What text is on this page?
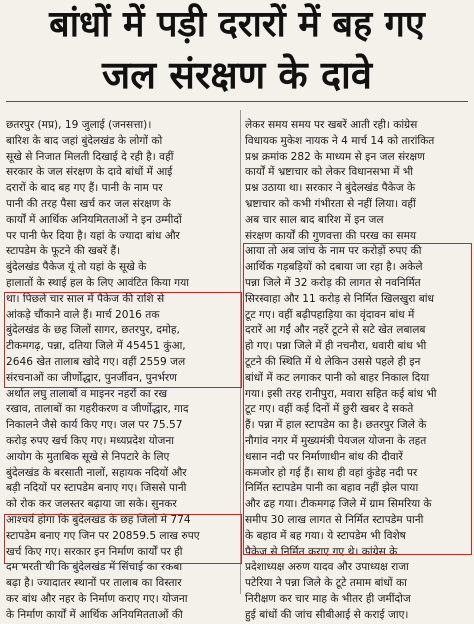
बांधों में पड़ी दरारों में बह गए
जल संरक्षण के दावे

छतरपुर (मप्र), 19 जुलाई (जनसत्ता)।

बारिश के बाद जहां बुंदेलखंड के लोगों को

सूखे से निजात मिलती दिखाई दे रही है। वहीं

सरकार के जल संरक्षण के दावे बांधों में आई

दरारों के बाद बह गए हैं। पानी के नाम पर

पानी की तरह पैसा खर्च कर जल संरक्षण के

कार्यों में आर्थिक अनियमितताओं ने इन उम्मीदों

पर पानी फेर दिया है। यहां के ज्यादा बांध और

स्टापडेम के फूटने की खबरें हैं।

बुंदेलखंड पैकेज यूं तो यहां के सूखे के

हालातों के स्थाई हल के लिए आवंटित किया गया

था। पिछले चार साल में पैकेज की राशि से

आंकड़े चौंकाने वाले हैं। मार्च 2016 तक

बुंदेलखंड के छह जिलों सागर, छतरपुर, दमोह,

टीकमगढ़, पन्ना, दतिया जिले में 45451 कुंआ,

2646 खेत तालाब खोदे गए। वहीं 2559 जल

संरचनाओं का जीर्णोद्धार, पुनर्जीवन, पुनर्भरण

अर्थात लघु तालाबों व माइनर नहरों का रख

रखाव, तालाबों का गहरीकरण व जीर्णोद्धार, गाद

निकालने जैसे कार्य किए गए। जल पर 75.57

करोड़ रुपए खर्च किए गए। मध्यप्रदेश योजना

आयोग के मुताबिक सूखे से निपटारे के लिए

बुंदेलखंड के बरसाती नालों, सहायक नदियों और

बड़ी नदियों पर स्टापडेम बनाए गए। जिससे पानी

को रोक कर जलस्तर बढ़ाया जा सके। सुनकर

आश्चर्य होगा कि बुंदेलखंड के छह जिलों में 774

स्टापडेम बनाए गए जिन पर 20859.5 लाख रुपए

खर्च किए गए। सरकार इन निर्माण कार्यों पर ही

दम भरती थी कि बुंदेलखंड में सिंचाई का रकबा

बढ़ा है। ज्यादातर स्थानों पर तालाब का विस्तार

कर बांध और नहर के निर्माण कराए गए। योजना

के निर्माण कार्यों में आर्थिक अनियमितताओं की

लेकर समय समय पर खबरें आती रही। कांग्रेस

विधायक मुकेश नायक ने 4 मार्च 14 को तारांकित

प्रश्न क्रमांक 282 के माध्यम से इन जल संरक्षण

कार्यों में भ्रष्टाचार को लेकर विधानसभा में भी

प्रश्न उठाया था। सरकार ने बुंदेलखंड पैकेज के

भ्रष्टाचार को कभी गंभीरता से नहीं लिया। वहीं

अब चार साल बाद बारिश में इन जल

संरक्षण कार्यों की गुणवत्ता की परख का समय

आया तो अब जांच के नाम पर करोड़ों रुपए की

आर्थिक गड़बड़ियों को दबाया जा रहा है। अकेले

पन्ना जिले में 32 करोड़ की लागत से नवनिर्मित

सिरस्वाहा और 11 करोड़ से निर्मित खिलखुरा बांध

टूट गए। वहीं बढ़ीपहाड़िया का वृंदावन बांध में

दरारें आ गईं और नहरें टूटने से सटे खेत लबालब

हो गए। पन्ना जिले में ही नचनौरा, धवारी बांध भी

टूटने की स्थिति में थे लेकिन उससे पहले ही इन

बांधों में कट लगाकर पानी को बाहर निकाल दिया

गया। इसी तरह रानीपुरा, मवारा सहित कई बांध भी

टूट गए। वहीं कई दिनों में छुरी खबर दे सकते

हैं। पन्ना में हाल स्टापडेम का है। छतरपुर जिले के

नौगांव नगर में मुख्यमंत्री पेयजल योजना के तहत

धसान नदी पर निर्माणाधीन बांध की दीवारें

कमजोर हो गई हैं। साथ ही वहां कुंडेह नदी पर

निर्मित स्टापडेम पानी का बहाव नहीं झेल पाया

और ढह गया। टीकमगढ़ जिले में ग्राम सिमरिया के

समीप 30 लाख लागत से निर्मित स्टापडेम पानी

के बहाव में बह गया। ये स्टापडेम भी विशेष

पैकेज से निर्मित कराए गए थे। कांग्रेस के

प्रदेशाध्यक्ष अरुण यादव और उपाध्यक्ष राजा

पटेरिया ने पन्ना जिले के टूटे तमाम बांधों का

निरीक्षण कर चार माह के भीतर ही जमींदोज

हुई बांधों की जांच सीबीआई से कराई जाए।
